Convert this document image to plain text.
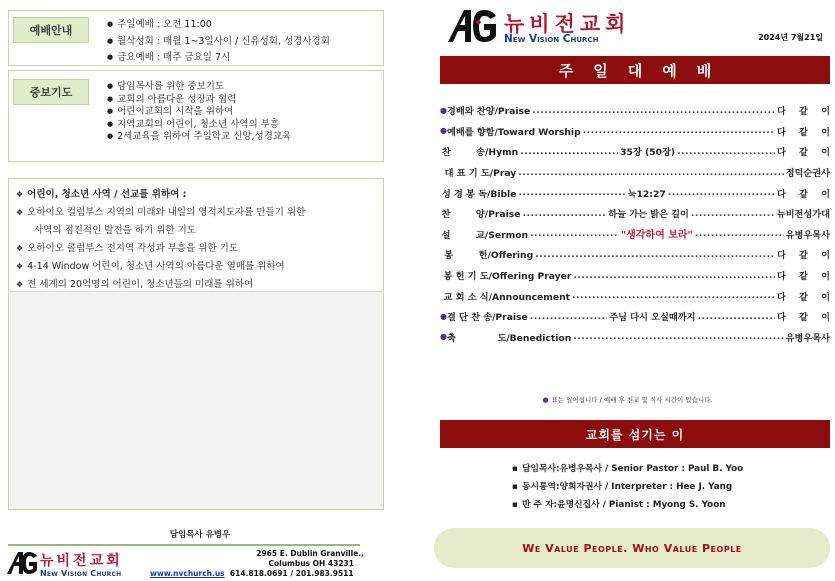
예배안내	● 주일예배 : 오전 11:00
● 월삭성회 : 매월 1~3일사이 / 신유성회, 성경사경회
● 금요예배 : 매주 금요일 7시
중보기도	● 담임목사를 위한 중보기도
● 교회의 아름다운 성장과 협력
● 어린이교회의 시작을 위하여
● 지역교회의 어린이, 청소년 사역의 부흥
● 2세교육을 위하여 주일학교 신앙,성경교육
❖ 어린이, 청소년 사역 / 선교를 위하여 :
❖ 오하이오 컬럼부스 지역의 미래와 내일의 영적지도자를 만들기 위한
사역의 점진적인 발전을 하기 위한 기도
❖ 오하이오 콜럼부스 전지역 각성과 부흥을 위한 기도
❖ 4-14 Window 어린이, 청소년 사역의 아름다운 열매를 위하여
❖ 전 세계의 20억명의 어린이, 청소년들의 미래를 위하여
담임목사 유병우
뉴비전교회
New Vision Church
2965 E. Dublin Granville.,
Columbus OH 43231
www.nvchurch.us 614.818.0691 / 201.983.9511
뉴비전교회
New Vision Church	2024년 7월21일
주일대예배
● 경배와 찬양/Praise .....	다 같 이
● 예배를 향함/Toward Worship .....	다 같 이
찬        송/Hymn .....	35장 (50장) .....	다 같 이
대 표 기 도/Pray .....	정덕순권사
성 경 봉 독/Bible .....	눅12:27 .....	다 같 이
찬        양/Praise .....	하늘 가는 밝은 길이 .....	뉴비전성가대
설        교/Sermon .....	"생각하여 보라" .....	유병우목사
봉        헌/Offering .....	다 같 이
봉 헌 기 도/Offering Prayer .....	다 같 이
교 회 소 식/Announcement .....	다 같 이
● 결 단 찬 송/Praise .....	주님 다시 오실때까지 .....	다 같 이
● 축             도/Benediction .....	유병우목사
● 표는 일어섭니다 / 예배 후 친교 및 식사 시간이 있습니다.
교회를 섬기는 이
▪ 담임목사:유병우목사 / Senior Pastor : Paul B. Yoo
▪ 동시통역:양희자권사 / Interpreter : Hee J. Yang
▪ 반 주 자:윤명신집사 / Pianist : Myong S. Yoon
We Value People. Who Value People
